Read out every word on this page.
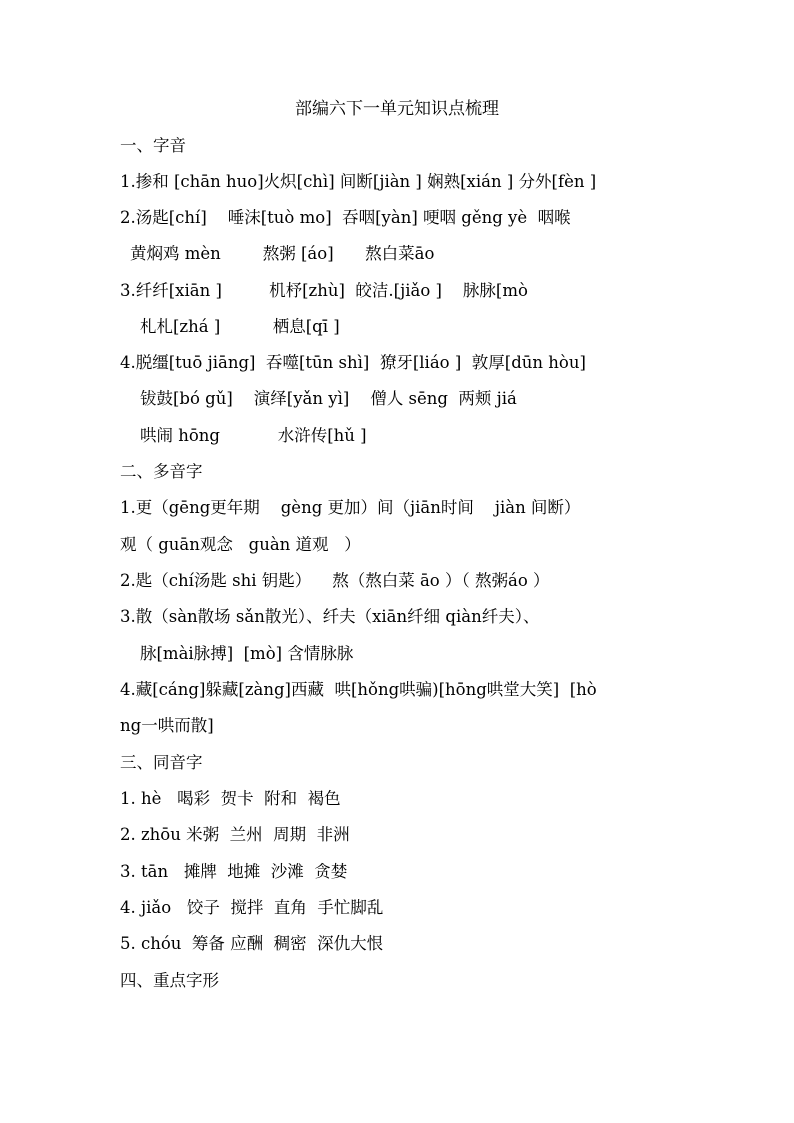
部编六下一单元知识点梳理
一、字音
1.掺和 [chān huo]火炽[chì] 间断[jiàn ] 娴熟[xián ] 分外[fèn ]
2.汤匙[chí]    唾沫[tuò mo]  吞咽[yàn] 哽咽 gěng yè  咽喉
黄焖鸡 mèn        熬粥 [áo]      熬白菜āo
3.纤纤[xiān ]         机杼[zhù]  皎洁.[jiǎo ]    脉脉[mò
札札[zhá ]          栖息[qī ]
4.脱缰[tuō jiāng]  吞噬[tūn shì]  獠牙[liáo ]  敦厚[dūn hòu]
钹鼓[bó gǔ]    演绎[yǎn yì]    僧人 sēng  两颊 jiá
哄闹 hōng           水浒传[hǔ ]
二、多音字
1.更（gēng更年期    gèng 更加）间（jiān时间    jiàn 间断）
观（ guān观念   guàn 道观   ）
2.匙（chí汤匙 shi 钥匙）    熬（熬白菜 āo ）（ 熬粥áo ）
3.散（sàn散场 sǎn散光）、纤夫（xiān纤细 qiàn纤夫）、
脉[mài脉搏]  [mò] 含情脉脉
4.藏[cáng]躲藏[zàng]西藏  哄[hǒng哄骗)[hōng哄堂大笑]  [hò
ng一哄而散]
三、同音字
1. hè   喝彩  贺卡  附和  褐色
2. zhōu 米粥  兰州  周期  非洲
3. tān   摊牌  地摊  沙滩  贪婪
4. jiǎo   饺子  搅拌  直角  手忙脚乱
5. chóu  筹备 应酬  稠密  深仇大恨
四、重点字形
